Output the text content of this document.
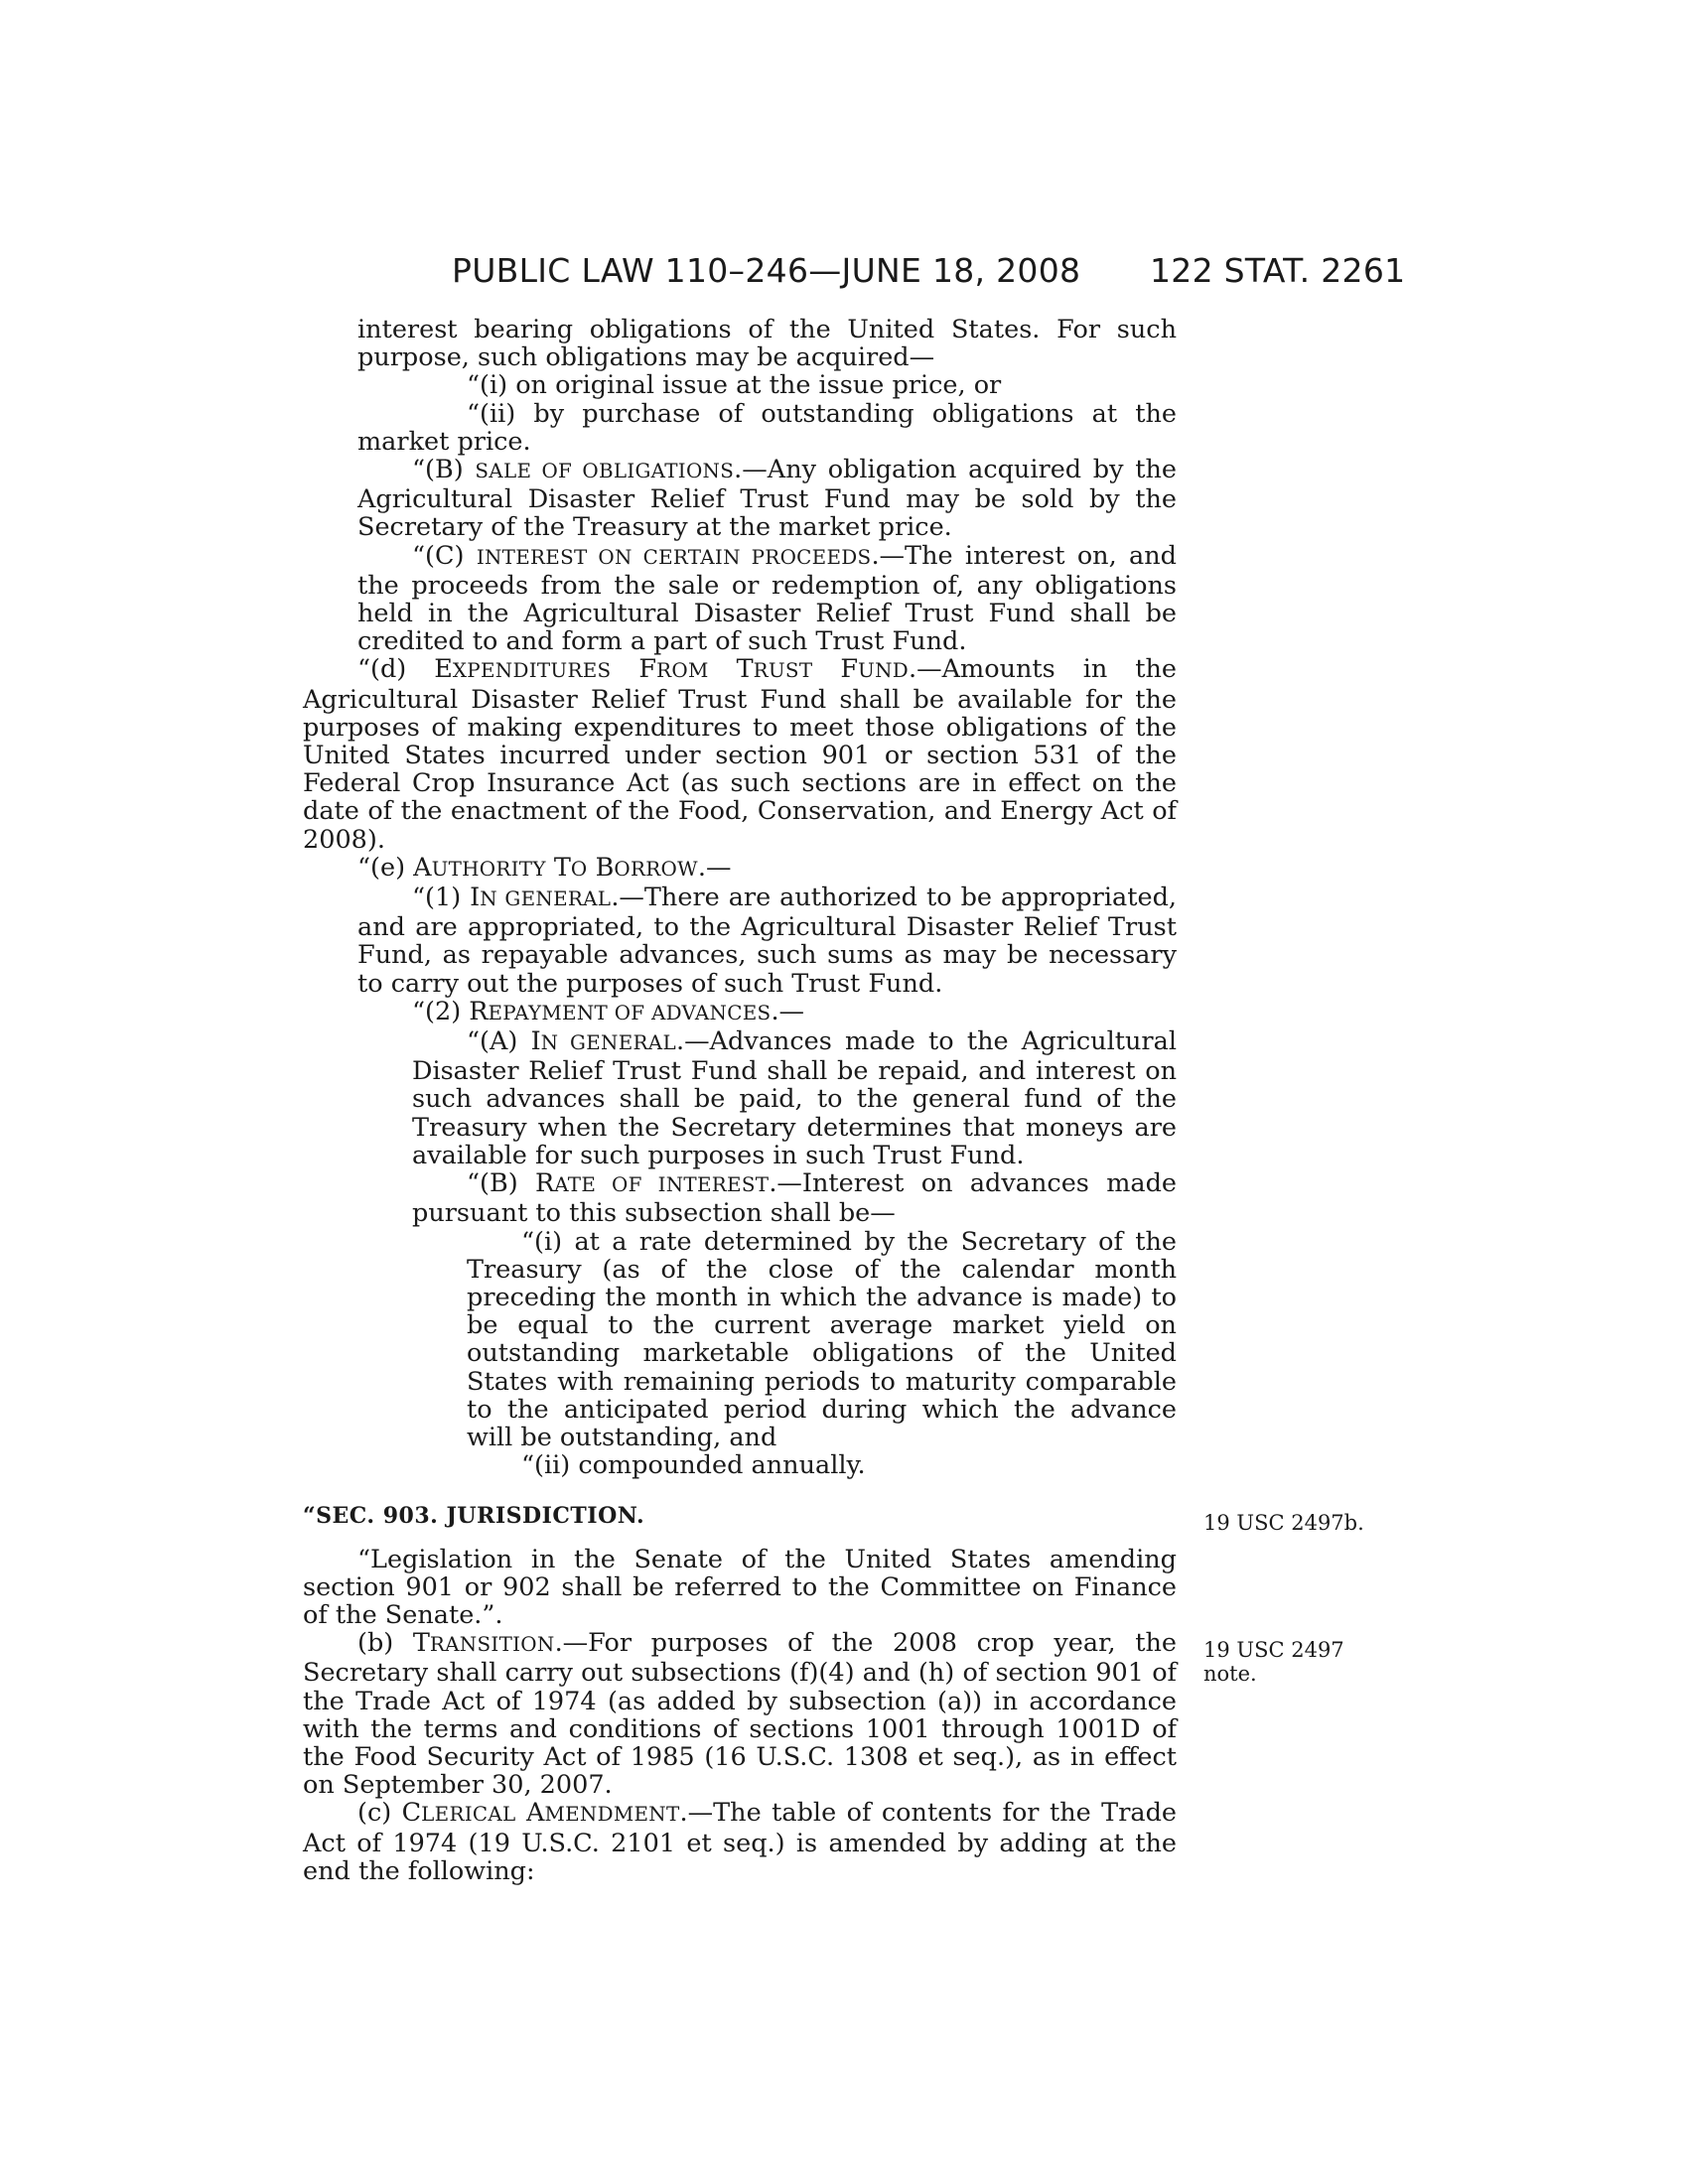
PUBLIC LAW 110–246—JUNE 18, 2008 122 STAT. 2261

interest bearing obligations of the United States. For such purpose, such obligations may be acquired—

“(i) on original issue at the issue price, or

“(ii) by purchase of outstanding obligations at the market price.

“(B) SALE OF OBLIGATIONS.—Any obligation acquired by the Agricultural Disaster Relief Trust Fund may be sold by the Secretary of the Treasury at the market price.

“(C) INTEREST ON CERTAIN PROCEEDS.—The interest on, and the proceeds from the sale or redemption of, any obligations held in the Agricultural Disaster Relief Trust Fund shall be credited to and form a part of such Trust Fund.

“(d) EXPENDITURES FROM TRUST FUND.—Amounts in the Agricultural Disaster Relief Trust Fund shall be available for the purposes of making expenditures to meet those obligations of the United States incurred under section 901 or section 531 of the Federal Crop Insurance Act (as such sections are in effect on the date of the enactment of the Food, Conservation, and Energy Act of 2008).

“(e) AUTHORITY TO BORROW.—

“(1) IN GENERAL.—There are authorized to be appropriated, and are appropriated, to the Agricultural Disaster Relief Trust Fund, as repayable advances, such sums as may be necessary to carry out the purposes of such Trust Fund.

“(2) REPAYMENT OF ADVANCES.—

“(A) IN GENERAL.—Advances made to the Agricultural Disaster Relief Trust Fund shall be repaid, and interest on such advances shall be paid, to the general fund of the Treasury when the Secretary determines that moneys are available for such purposes in such Trust Fund.

“(B) RATE OF INTEREST.—Interest on advances made pursuant to this subsection shall be—

“(i) at a rate determined by the Secretary of the Treasury (as of the close of the calendar month preceding the month in which the advance is made) to be equal to the current average market yield on outstanding marketable obligations of the United States with remaining periods to maturity comparable to the anticipated period during which the advance will be outstanding, and

“(ii) compounded annually.

“SEC. 903. JURISDICTION.

“Legislation in the Senate of the United States amending section 901 or 902 shall be referred to the Committee on Finance of the Senate.”.

(b) TRANSITION.—For purposes of the 2008 crop year, the Secretary shall carry out subsections (f)(4) and (h) of section 901 of the Trade Act of 1974 (as added by subsection (a)) in accordance with the terms and conditions of sections 1001 through 1001D of the Food Security Act of 1985 (16 U.S.C. 1308 et seq.), as in effect on September 30, 2007.

(c) CLERICAL AMENDMENT.—The table of contents for the Trade Act of 1974 (19 U.S.C. 2101 et seq.) is amended by adding at the end the following:

19 USC 2497b.
19 USC 2497
note.
